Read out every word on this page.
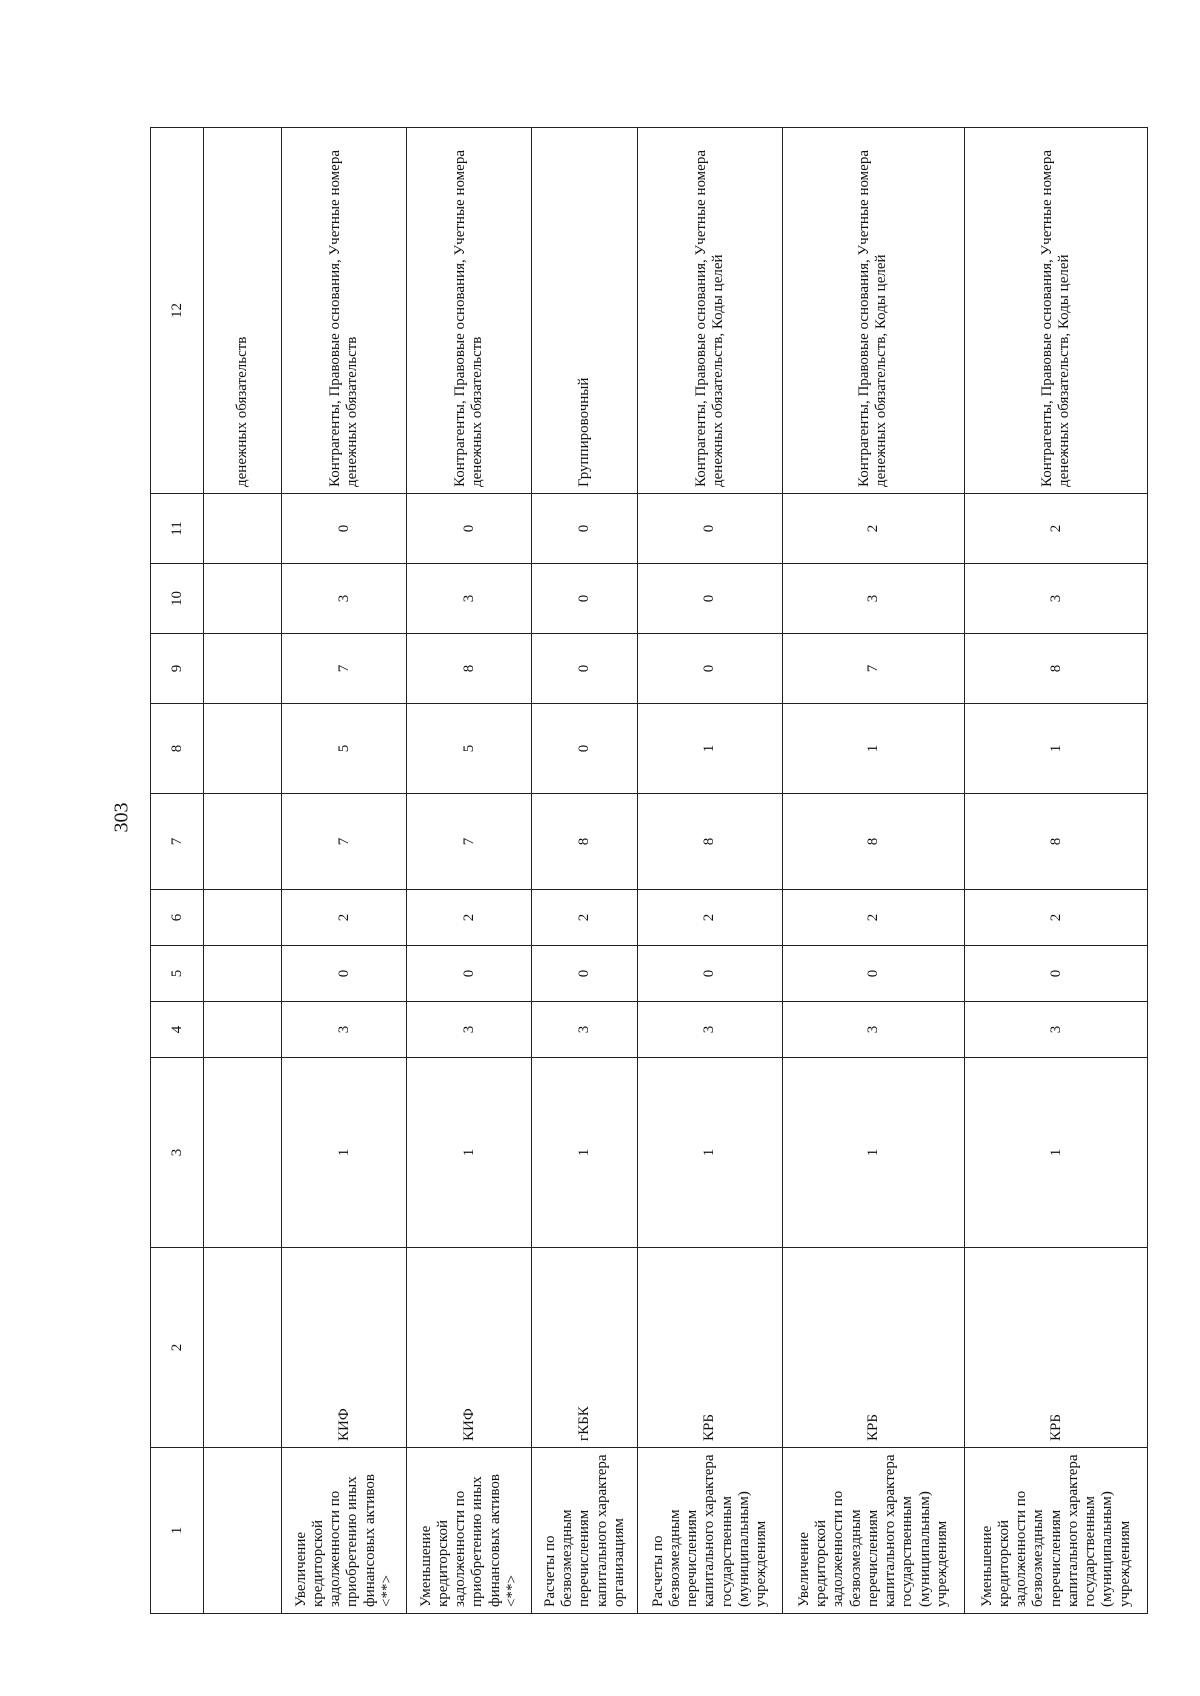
303
1	2	3	4	5	6	7	8	9	10	11	12
											денежных обязательств
Увеличение кредиторской задолженности по приобретению иных финансовых активов <**>	КИФ	1	3	0	2	7	5	7	3	0	Контрагенты, Правовые основания, Учетные номера денежных обязательств
Уменьшение кредиторской задолженности по приобретению иных финансовых активов <**>	КИФ	1	3	0	2	7	5	8	3	0	Контрагенты, Правовые основания, Учетные номера денежных обязательств
Расчеты по безвозмездным перечислениям капитального характера организациям	гКБК	1	3	0	2	8	0	0	0	0	Группировочный
Расчеты по безвозмездным перечислениям капитального характера государственным (муниципальным) учреждениям	КРБ	1	3	0	2	8	1	0	0	0	Контрагенты, Правовые основания, Учетные номера денежных обязательств, Коды целей
Увеличение кредиторской задолженности по безвозмездным перечислениям капитального характера государственным (муниципальным) учреждениям	КРБ	1	3	0	2	8	1	7	3	2	Контрагенты, Правовые основания, Учетные номера денежных обязательств, Коды целей
Уменьшение кредиторской задолженности по безвозмездным перечислениям капитального характера государственным (муниципальным) учреждениям	КРБ	1	3	0	2	8	1	8	3	2	Контрагенты, Правовые основания, Учетные номера денежных обязательств, Коды целей
